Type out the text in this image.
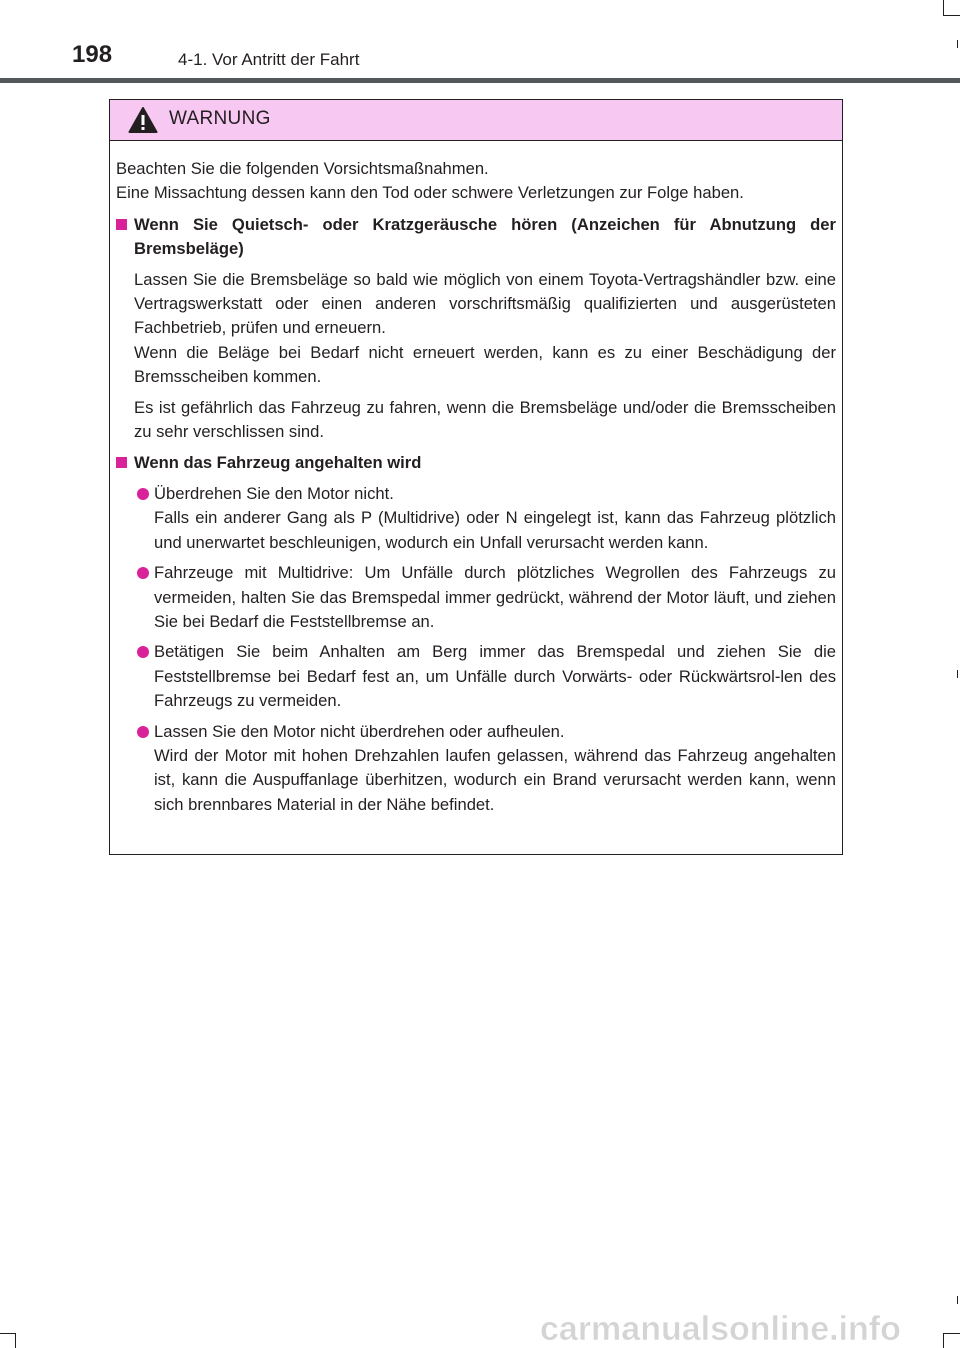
198	4-1. Vor Antritt der Fahrt
WARNUNG

Beachten Sie die folgenden Vorsichtsmaßnahmen.

Eine Missachtung dessen kann den Tod oder schwere Verletzungen zur Folge haben.

Wenn Sie Quietsch- oder Kratzgeräusche hören (Anzeichen für Abnutzung der Bremsbeläge)

Lassen Sie die Bremsbeläge so bald wie möglich von einem Toyota-Vertragshändler bzw. eine Vertragswerkstatt oder einen anderen vorschriftsmäßig qualifizierten und ausgerüsteten Fachbetrieb, prüfen und erneuern.

Wenn die Beläge bei Bedarf nicht erneuert werden, kann es zu einer Beschädigung der Bremsscheiben kommen.

Es ist gefährlich das Fahrzeug zu fahren, wenn die Bremsbeläge und/oder die Bremsscheiben zu sehr verschlissen sind.

Wenn das Fahrzeug angehalten wird

Überdrehen Sie den Motor nicht.

Falls ein anderer Gang als P (Multidrive) oder N eingelegt ist, kann das Fahrzeug plötzlich und unerwartet beschleunigen, wodurch ein Unfall verursacht werden kann.

Fahrzeuge mit Multidrive: Um Unfälle durch plötzliches Wegrollen des Fahrzeugs zu vermeiden, halten Sie das Bremspedal immer gedrückt, während der Motor läuft, und ziehen Sie bei Bedarf die Feststellbremse an.

Betätigen Sie beim Anhalten am Berg immer das Bremspedal und ziehen Sie die Feststellbremse bei Bedarf fest an, um Unfälle durch Vorwärts- oder Rückwärtsrol-len des Fahrzeugs zu vermeiden.

Lassen Sie den Motor nicht überdrehen oder aufheulen.

Wird der Motor mit hohen Drehzahlen laufen gelassen, während das Fahrzeug angehalten ist, kann die Auspuffanlage überhitzen, wodurch ein Brand verursacht werden kann, wenn sich brennbares Material in der Nähe befindet.

carmanualsonline.info
